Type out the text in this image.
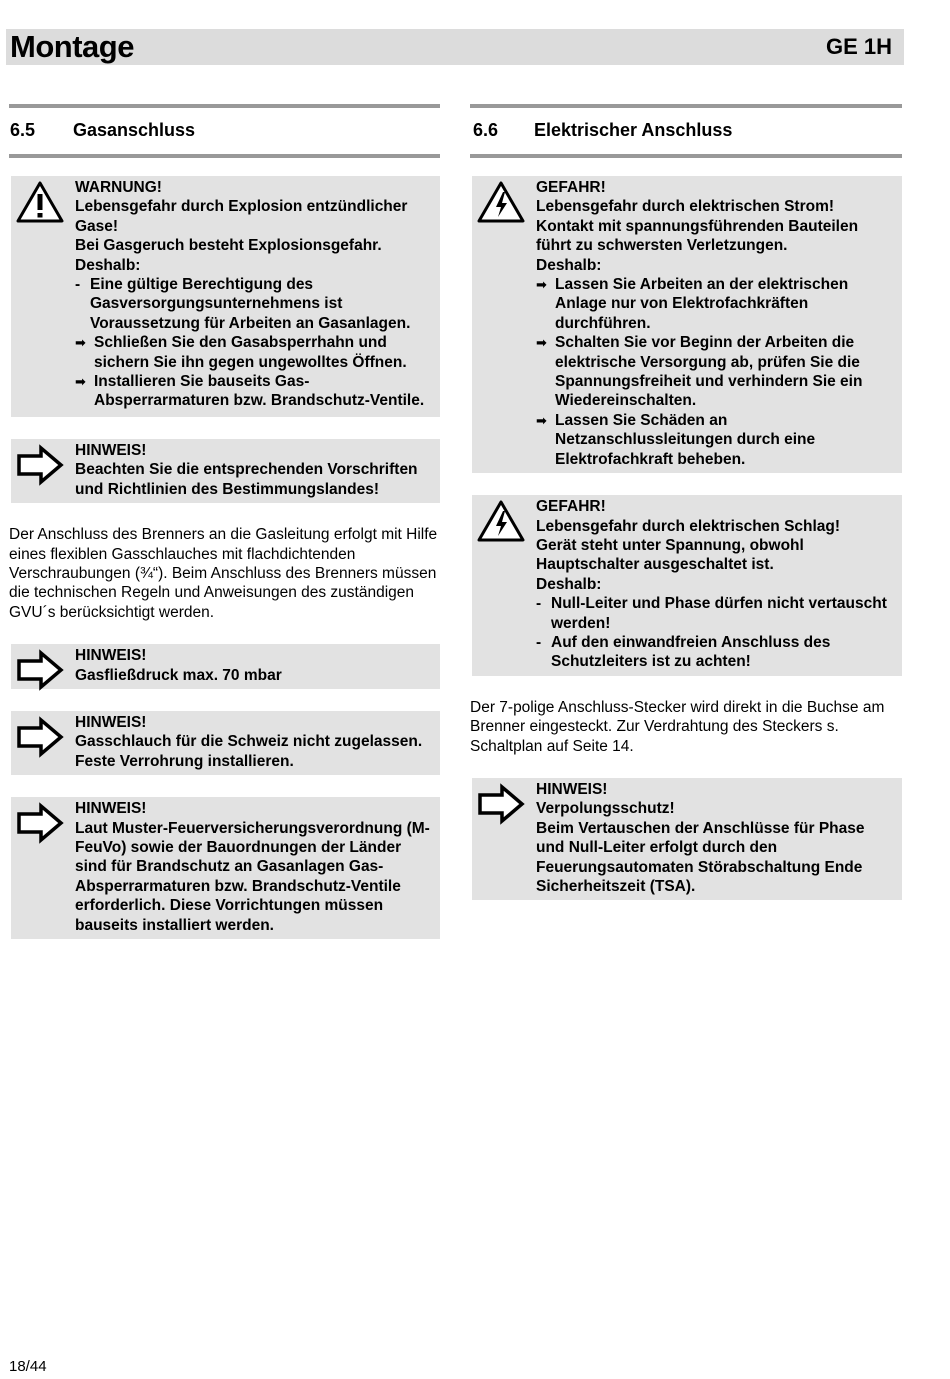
Montage	GE 1H
6.5 Gasanschluss

WARNUNG!

Lebensgefahr durch Explosion entzündlicher Gase!

Bei Gasgeruch besteht Explosionsgefahr.

Deshalb:

- Eine gültige Berechtigung des Gasversorgungsunternehmens ist Voraussetzung für Arbeiten an Gasanlagen.
➡ Schließen Sie den Gasabsperrhahn und sichern Sie ihn gegen ungewolltes Öffnen.
➡ Installieren Sie bauseits Gas-Absperrarmaturen bzw. Brandschutz-Ventile.

HINWEIS!

Beachten Sie die entsprechenden Vorschriften und Richtlinien des Bestimmungslandes!

Der Anschluss des Brenners an die Gasleitung erfolgt mit Hilfe eines flexiblen Gasschlauches mit flachdichtenden Verschraubungen (¾“). Beim Anschluss des Brenners müssen die technischen Regeln und Anweisungen des zuständigen GVU´s berücksichtigt werden.

HINWEIS!

Gasfließdruck max. 70 mbar

HINWEIS!

Gasschlauch für die Schweiz nicht zugelassen. Feste Verrohrung installieren.

HINWEIS!

Laut Muster-Feuerversicherungsverordnung (M-FeuVo) sowie der Bauordnungen der Länder sind für Brandschutz an Gasanlagen Gas-Absperrarmaturen bzw. Brandschutz-Ventile erforderlich. Diese Vorrichtungen müssen bauseits installiert werden.

6.6 Elektrischer Anschluss

GEFAHR!

Lebensgefahr durch elektrischen Strom!

Kontakt mit spannungsführenden Bauteilen führt zu schwersten Verletzungen.

Deshalb:

➡ Lassen Sie Arbeiten an der elektrischen Anlage nur von Elektrofachkräften durchführen.
➡ Schalten Sie vor Beginn der Arbeiten die elektrische Versorgung ab, prüfen Sie die Spannungsfreiheit und verhindern Sie ein Wiedereinschalten.
➡ Lassen Sie Schäden an Netzanschlussleitungen durch eine Elektrofachkraft beheben.

GEFAHR!

Lebensgefahr durch elektrischen Schlag!

Gerät steht unter Spannung, obwohl Hauptschalter ausgeschaltet ist.

Deshalb:

- Null-Leiter und Phase dürfen nicht vertauscht werden!
- Auf den einwandfreien Anschluss des Schutzleiters ist zu achten!

Der 7-polige Anschluss-Stecker wird direkt in die Buchse am Brenner eingesteckt. Zur Verdrahtung des Steckers s. Schaltplan auf Seite 14.

HINWEIS!

Verpolungsschutz!

Beim Vertauschen der Anschlüsse für Phase und Null-Leiter erfolgt durch den Feuerungsautomaten Störabschaltung Ende Sicherheitszeit (TSA).

18/44
